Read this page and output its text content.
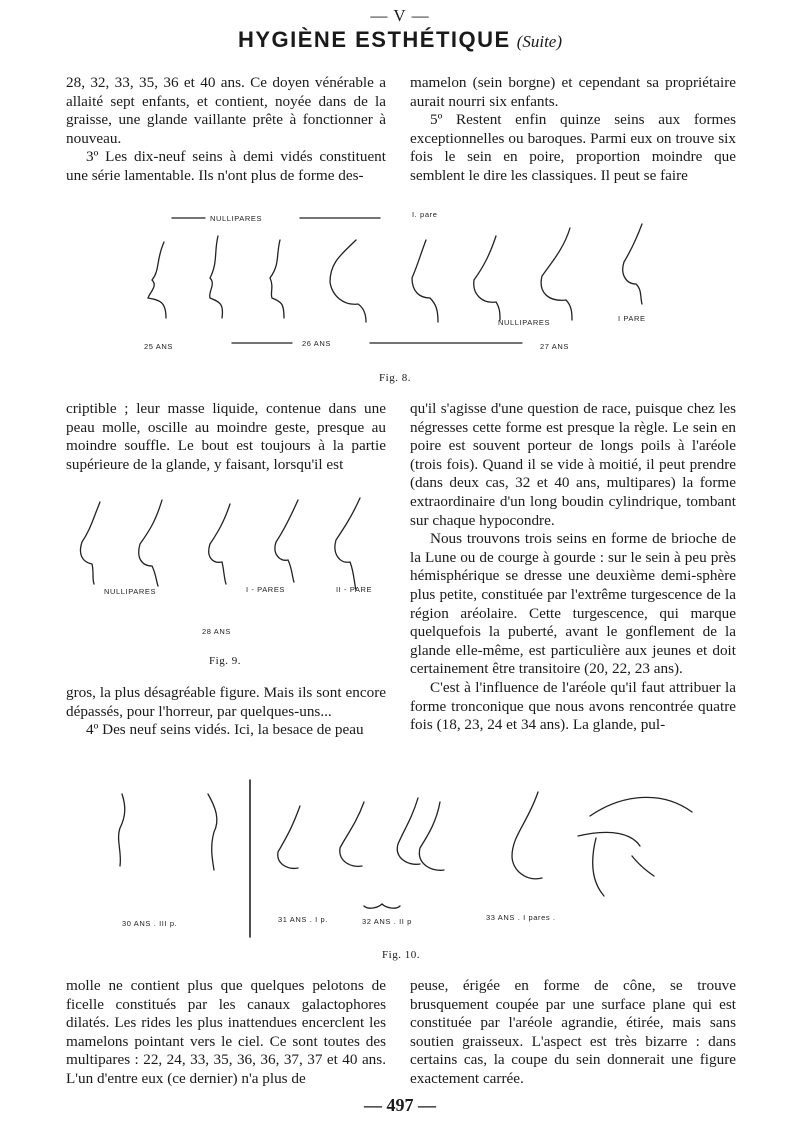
— V —
HYGIÈNE ESTHÉTIQUE (Suite)

28, 32, 33, 35, 36 et 40 ans. Ce doyen vénérable a allaité sept enfants, et contient, noyée dans de la graisse, une glande vaillante prête à fonctionner à nouveau.

3º Les dix-neuf seins à demi vidés constituent une série lamentable. Ils n'ont plus de forme des-

mamelon (sein borgne) et cependant sa propriétaire aurait nourri six enfants.

5º Restent enfin quinze seins aux formes exceptionnelles ou baroques. Parmi eux on trouve six fois le sein en poire, proportion moindre que semblent le dire les classiques. Il peut se faire

NULLIPARES	I. pare
25 ANS	26 ANS	27 ANS
NULLIPARES	I PARE
Fig. 8.

criptible ; leur masse liquide, contenue dans une peau molle, oscille au moindre geste, presque au moindre souffle. Le bout est toujours à la partie supérieure de la glande, y faisant, lorsqu'il est

qu'il s'agisse d'une question de race, puisque chez les négresses cette forme est presque la règle. Le sein en poire est souvent porteur de longs poils à l'aréole (trois fois). Quand il se vide à moitié, il peut prendre (dans deux cas, 32 et 40 ans, multipares) la forme extraordinaire d'un long boudin cylindrique, tombant sur chaque hypocondre.

Nous trouvons trois seins en forme de brioche de la Lune ou de courge à gourde : sur le sein à peu près hémisphérique se dresse une deuxième demi-sphère plus petite, constituée par l'extrême turgescence de la région aréolaire. Cette turgescence, qui marque quelquefois la puberté, avant le gonflement de la glande elle-même, est particulière aux jeunes et doit certainement être transitoire (20, 22, 23 ans).

C'est à l'influence de l'aréole qu'il faut attribuer la forme tronconique que nous avons rencontrée quatre fois (18, 23, 24 et 34 ans). La glande, pul-

NULLIPARES	I - PARES	II - PARE
28 ANS
Fig. 9.

gros, la plus désagréable figure. Mais ils sont encore dépassés, pour l'horreur, par quelques-uns...

4º Des neuf seins vidés. Ici, la besace de peau

30 ANS . III p.	31 ANS . I p.	32 ANS . II p	33 ANS . I pares .
Fig. 10.

molle ne contient plus que quelques pelotons de ficelle constitués par les canaux galactophores dilatés. Les rides les plus inattendues encerclent les mamelons pointant vers le ciel. Ce sont toutes des multipares : 22, 24, 33, 35, 36, 36, 37, 37 et 40 ans. L'un d'entre eux (ce dernier) n'a plus de

peuse, érigée en forme de cône, se trouve brusquement coupée par une surface plane qui est constituée par l'aréole agrandie, étirée, mais sans soutien graisseux. L'aspect est très bizarre : dans certains cas, la coupe du sein donnerait une figure exactement carrée.

— 497 —
